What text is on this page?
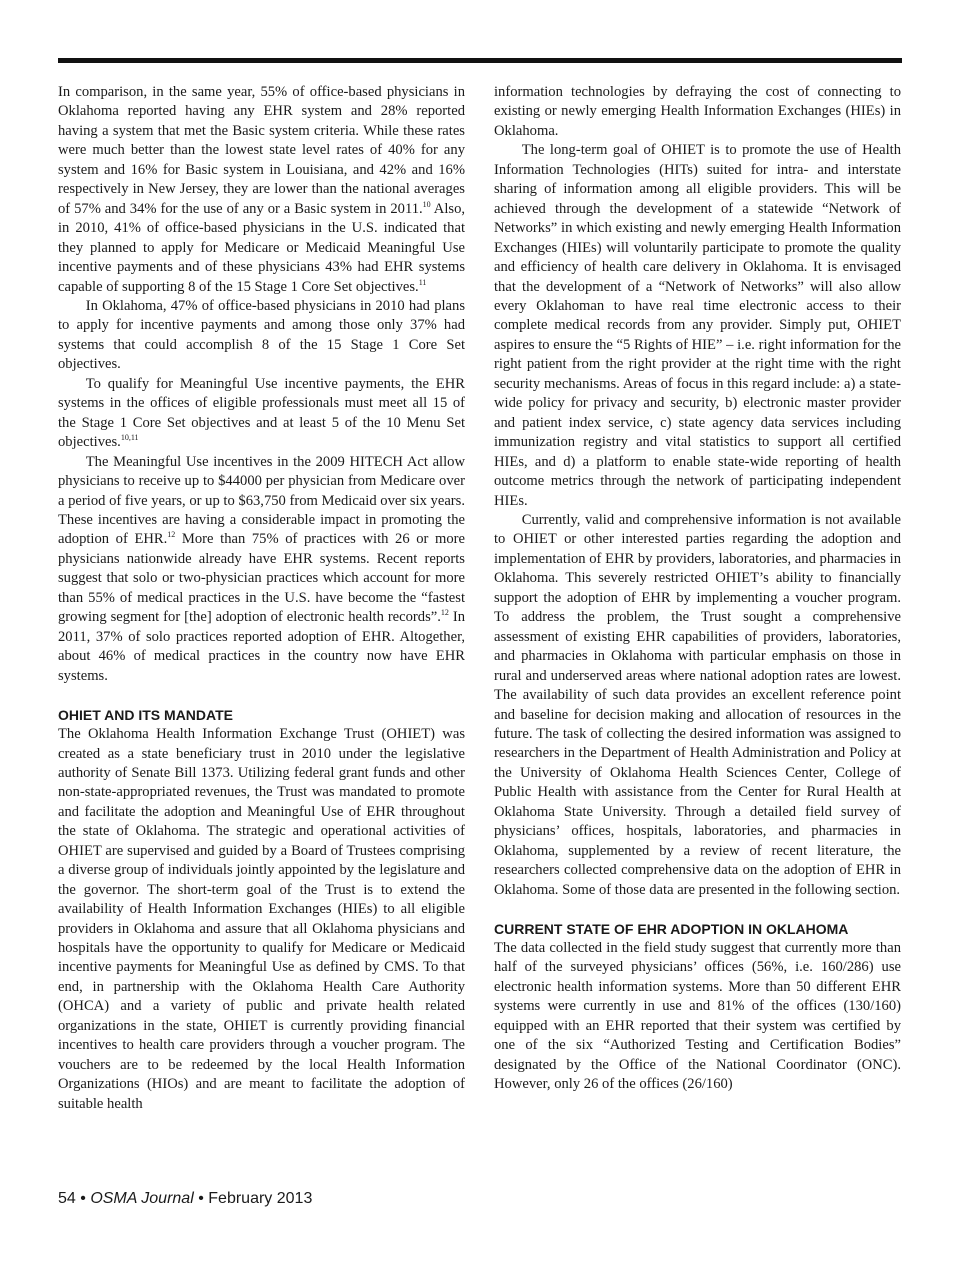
In comparison, in the same year, 55% of office-based physicians in Oklahoma reported having any EHR system and 28% reported having a system that met the Basic system criteria. While these rates were much better than the lowest state level rates of 40% for any system and 16% for Basic system in Louisiana, and 42% and 16% respectively in New Jersey, they are lower than the national averages of 57% and 34% for the use of any or a Basic system in 2011.10 Also, in 2010, 41% of office-based physicians in the U.S. indicated that they planned to apply for Medicare or Medicaid Meaningful Use incentive payments and of these physicians 43% had EHR systems capable of supporting 8 of the 15 Stage 1 Core Set objectives.$^{11}$

In Oklahoma, 47% of office-based physicians in 2010 had plans to apply for incentive payments and among those only 37% had systems that could accomplish 8 of the 15 Stage 1 Core Set objectives.

To qualify for Meaningful Use incentive payments, the EHR systems in the offices of eligible professionals must meet all 15 of the Stage 1 Core Set objectives and at least 5 of the 10 Menu Set objectives.$^{10,11}$

The Meaningful Use incentives in the 2009 HITECH Act allow physicians to receive up to $44000 per physician from Medicare over a period of five years, or up to $63,750 from Medicaid over six years. These incentives are having a considerable impact in promoting the adoption of EHR.$^{12}$ More than 75% of practices with 26 or more physicians nationwide already have EHR systems. Recent reports suggest that solo or two-physician practices which account for more than 55% of medical practices in the U.S. have become the “fastest growing segment for [the] adoption of electronic health records”.$^{12}$ In 2011, 37% of solo practices reported adoption of EHR. Altogether, about 46% of medical practices in the country now have EHR systems.

OHIET AND ITS MANDATE

The Oklahoma Health Information Exchange Trust (OHIET) was created as a state beneficiary trust in 2010 under the legislative authority of Senate Bill 1373. Utilizing federal grant funds and other non-state-appropriated revenues, the Trust was mandated to promote and facilitate the adoption and Meaningful Use of EHR throughout the state of Oklahoma. The strategic and operational activities of OHIET are supervised and guided by a Board of Trustees comprising a diverse group of individuals jointly appointed by the legislature and the governor. The short-term goal of the Trust is to extend the availability of Health Information Exchanges (HIEs) to all eligible providers in Oklahoma and assure that all Oklahoma physicians and hospitals have the opportunity to qualify for Medicare or Medicaid incentive payments for Meaningful Use as defined by CMS. To that end, in partnership with the Oklahoma Health Care Authority (OHCA) and a variety of public and private health related organizations in the state, OHIET is currently providing financial incentives to health care providers through a voucher program. The vouchers are to be redeemed by the local Health Information Organizations (HIOs) and are meant to facilitate the adoption of suitable health

information technologies by defraying the cost of connecting to existing or newly emerging Health Information Exchanges (HIEs) in Oklahoma.

The long-term goal of OHIET is to promote the use of Health Information Technologies (HITs) suited for intra- and interstate sharing of information among all eligible providers. This will be achieved through the development of a statewide “Network of Networks” in which existing and newly emerging Health Information Exchanges (HIEs) will voluntarily participate to promote the quality and efficiency of health care delivery in Oklahoma. It is envisaged that the development of a “Network of Networks” will also allow every Oklahoman to have real time electronic access to their complete medical records from any provider. Simply put, OHIET aspires to ensure the “5 Rights of HIE” – i.e. right information for the right patient from the right provider at the right time with the right security mechanisms. Areas of focus in this regard include: a) a state-wide policy for privacy and security, b) electronic master provider and patient index service, c) state agency data services including immunization registry and vital statistics to support all certified HIEs, and d) a platform to enable state-wide reporting of health outcome metrics through the network of participating independent HIEs.

Currently, valid and comprehensive information is not available to OHIET or other interested parties regarding the adoption and implementation of EHR by providers, laboratories, and pharmacies in Oklahoma. This severely restricted OHIET’s ability to financially support the adoption of EHR by implementing a voucher program. To address the problem, the Trust sought a comprehensive assessment of existing EHR capabilities of providers, laboratories, and pharmacies in Oklahoma with particular emphasis on those in rural and underserved areas where national adoption rates are lowest. The availability of such data provides an excellent reference point and baseline for decision making and allocation of resources in the future. The task of collecting the desired information was assigned to researchers in the Department of Health Administration and Policy at the University of Oklahoma Health Sciences Center, College of Public Health with assistance from the Center for Rural Health at Oklahoma State University. Through a detailed field survey of physicians’ offices, hospitals, laboratories, and pharmacies in Oklahoma, supplemented by a review of recent literature, the researchers collected comprehensive data on the adoption of EHR in Oklahoma. Some of those data are presented in the following section.

CURRENT STATE OF EHR ADOPTION IN OKLAHOMA

The data collected in the field study suggest that currently more than half of the surveyed physicians’ offices (56%, i.e. 160/286) use electronic health information systems. More than 50 different EHR systems were currently in use and 81% of the offices (130/160) equipped with an EHR reported that their system was certified by one of the six “Authorized Testing and Certification Bodies” designated by the Office of the National Coordinator (ONC). However, only 26 of the offices (26/160)

54 • OSMA Journal • February 2013
